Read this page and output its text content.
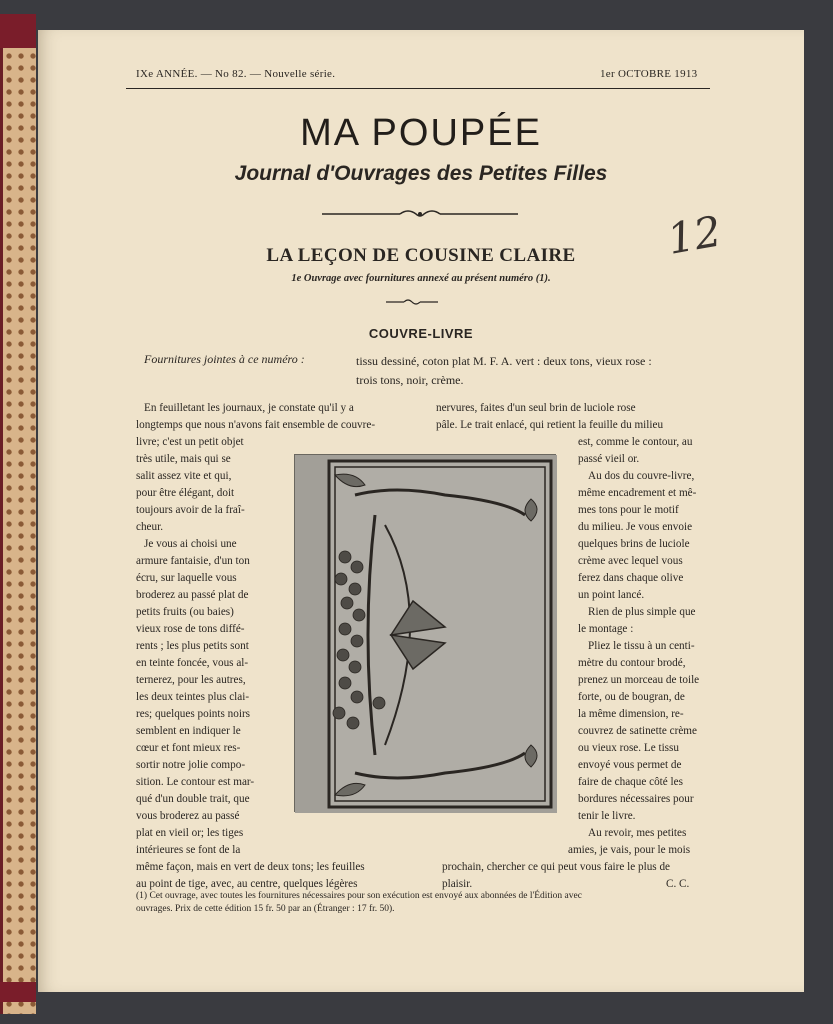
IXe ANNÉE. — No 82. — Nouvelle série.	1er OCTOBRE 1913
MA POUPÉE
Journal d'Ouvrages des Petites Filles
12
LA LEÇON DE COUSINE CLAIRE
1e Ouvrage avec fournitures annexé au présent numéro (1).
COUVRE-LIVRE
Fournitures jointes à ce numéro :	tissu dessiné, coton plat M. F. A. vert : deux tons, vieux rose :
trois tons, noir, crème.
En feuilletant les journaux, je constate qu'il y a
longtemps que nous n'avons fait ensemble de couvre-
livre; c'est un petit objet
très utile, mais qui se
salit assez vite et qui,
pour être élégant, doit
toujours avoir de la fraî-
cheur.
Je vous ai choisi une
armure fantaisie, d'un ton
écru, sur laquelle vous
broderez au passé plat de
petits fruits (ou baies)
vieux rose de tons diffé-
rents ; les plus petits sont
en teinte foncée, vous al-
ternerez, pour les autres,
les deux teintes plus clai-
res; quelques points noirs
semblent en indiquer le
cœur et font mieux res-
sortir notre jolie compo-
sition. Le contour est mar-
qué d'un double trait, que
vous broderez au passé
plat en vieil or; les tiges
intérieures se font de la
même façon, mais en vert de deux tons; les feuilles
au point de tige, avec, au centre, quelques légères
nervures, faites d'un seul brin de luciole rose
pâle. Le trait enlacé, qui retient la feuille du milieu
est, comme le contour, au
passé vieil or.
Au dos du couvre-livre,
même encadrement et mê-
mes tons pour le motif
du milieu. Je vous envoie
quelques brins de luciole
crème avec lequel vous
ferez dans chaque olive
un point lancé.
Rien de plus simple que
le montage :
Pliez le tissu à un centi-
mètre du contour brodé,
prenez un morceau de toile
forte, ou de bougran, de
la même dimension, re-
couvrez de satinette crème
ou vieux rose. Le tissu
envoyé vous permet de
faire de chaque côté les
bordures nécessaires pour
tenir le livre.
Au revoir, mes petites
amies, je vais, pour le mois
prochain, chercher ce qui peut vous faire le plus de
plaisir.	C. C.
(1) Cet ouvrage, avec toutes les fournitures nécessaires pour son exécution est envoyé aux abonnées de l'Édition avec
ouvrages. Prix de cette édition 15 fr. 50 par an (Étranger : 17 fr. 50).
